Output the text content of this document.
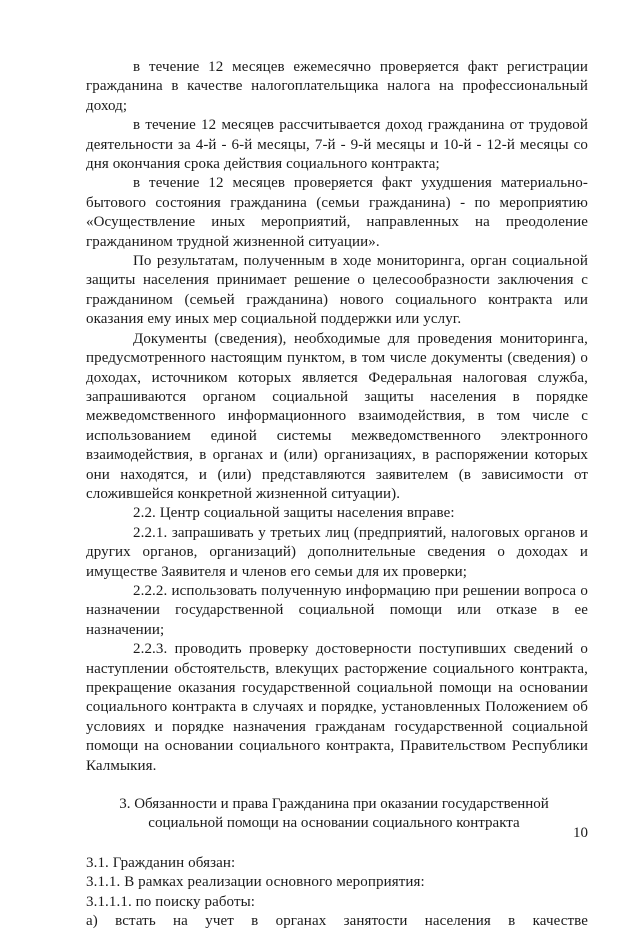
в течение 12 месяцев ежемесячно проверяется факт регистрации гражданина в качестве налогоплательщика налога на профессиональный доход;

в течение 12 месяцев рассчитывается доход гражданина от трудовой деятельности за 4-й - 6-й месяцы, 7-й - 9-й месяцы и 10-й - 12-й месяцы со дня окончания срока действия социального контракта;

в течение 12 месяцев проверяется факт ухудшения материально-бытового состояния гражданина (семьи гражданина) - по мероприятию «Осуществление иных мероприятий, направленных на преодоление гражданином трудной жизненной ситуации».

По результатам, полученным в ходе мониторинга, орган социальной защиты населения принимает решение о целесообразности заключения с гражданином (семьей гражданина) нового социального контракта или оказания ему иных мер социальной поддержки или услуг.

Документы (сведения), необходимые для проведения мониторинга, предусмотренного настоящим пунктом, в том числе документы (сведения) о доходах, источником которых является Федеральная налоговая служба, запрашиваются органом социальной защиты населения в порядке межведомственного информационного взаимодействия, в том числе с использованием единой системы межведомственного электронного взаимодействия, в органах и (или) организациях, в распоряжении которых они находятся, и (или) представляются заявителем (в зависимости от сложившейся конкретной жизненной ситуации).

2.2. Центр социальной защиты населения вправе:

2.2.1. запрашивать у третьих лиц (предприятий, налоговых органов и других органов, организаций) дополнительные сведения о доходах и имуществе Заявителя и членов его семьи для их проверки;

2.2.2. использовать полученную информацию при решении вопроса о назначении государственной социальной помощи или отказе в ее назначении;

2.2.3. проводить проверку достоверности поступивших сведений о наступлении обстоятельств, влекущих расторжение социального контракта, прекращение оказания государственной социальной помощи на основании социального контракта в случаях и порядке, установленных Положением об условиях и порядке назначения гражданам государственной социальной помощи на основании социального контракта, Правительством Республики Калмыкия.

3. Обязанности и права Гражданина при оказании государственной социальной помощи на основании социального контракта

3.1. Гражданин обязан:

3.1.1. В рамках реализации основного мероприятия:

3.1.1.1. по поиску работы:

а) встать на учет в органах занятости населения в качестве

10
